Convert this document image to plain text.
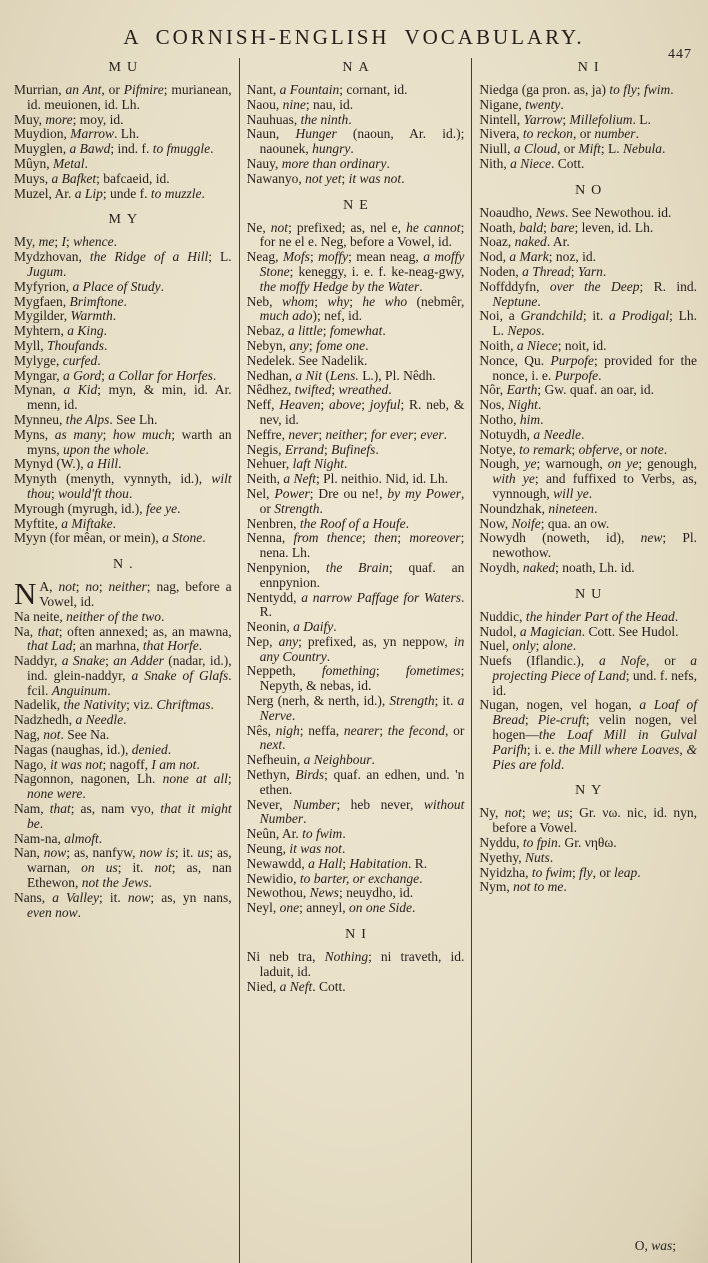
A CORNISH-ENGLISH VOCABULARY.
447
MU

Murrian, an Ant, or Pifmire; murianean, id. meuionen, id. Lh.

Muy, more; moy, id.

Muydion, Marrow. Lh.

Muyglen, a Bawd; ind. f. to fmuggle.

Mûyn, Metal.

Muys, a Bafket; bafcaeid, id.

Muzel, Ar. a Lip; unde f. to muzzle.

MY

My, me; I; whence.

Mydzhovan, the Ridge of a Hill; L. Jugum.

Myfyrion, a Place of Study.

Mygfaen, Brimftone.

Mygilder, Warmth.

Myhtern, a King.

Myll, Thoufands.

Mylyge, curfed.

Myngar, a Gord; a Collar for Horfes.

Mynan, a Kid; myn, & min, id. Ar. menn, id.

Mynneu, the Alps. See Lh.

Myns, as many; how much; warth an myns, upon the whole.

Mynyd (W.), a Hill.

Mynyth (menyth, vynnyth, id.), wilt thou; would'ft thou.

Myrough (myrugh, id.), fee ye.

Myftite, a Miftake.

Myyn (for mêan, or mein), a Stone.

N.

N A, not; no; neither; nag, before a Vowel, id.

Na neite, neither of the two.

Na, that; often annexed; as, an mawna, that Lad; an marhna, that Horfe.

Naddyr, a Snake; an Adder (nadar, id.), ind. glein-naddyr, a Snake of Glafs. fcil. Anguinum.

Nadelik, the Nativity; viz. Chriftmas.

Nadzhedh, a Needle.

Nag, not. See Na.

Nagas (naughas, id.), denied.

Nago, it was not; nagoff, I am not.

Nagonnon, nagonen, Lh. none at all; none were.

Nam, that; as, nam vyo, that it might be.

Nam-na, almoft.

Nan, now; as, nanfyw, now is; it. us; as, warnan, on us; it. not; as, nan Ethewon, not the Jews.

Nans, a Valley; it. now; as, yn nans, even now.

NA

Nant, a Fountain; cornant, id.

Naou, nine; nau, id.

Nauhuas, the ninth.

Naun, Hunger (naoun, Ar. id.); naounek, hungry.

Nauy, more than ordinary.

Nawanyo, not yet; it was not.

NE

Ne, not; prefixed; as, nel e, he cannot; for ne el e. Neg, before a Vowel, id.

Neag, Mofs; moffy; mean neag, a moffy Stone; keneggy, i. e. f. ke-neag-gwy, the moffy Hedge by the Water.

Neb, whom; why; he who (nebmêr, much ado); nef, id.

Nebaz, a little; fomewhat.

Nebyn, any; fome one.

Nedelek. See Nadelik.

Nedhan, a Nit (Lens. L.), Pl. Nêdh.

Nêdhez, twifted; wreathed.

Neff, Heaven; above; joyful; R. neb, & nev, id.

Neffre, never; neither; for ever; ever.

Negis, Errand; Bufinefs.

Nehuer, laft Night.

Neith, a Neft; Pl. neithio. Nid, id. Lh.

Nel, Power; Dre ou ne!, by my Power, or Strength.

Nenbren, the Roof of a Houfe.

Nenna, from thence; then; moreover; nena. Lh.

Nenpynion, the Brain; quaf. an ennpynion.

Nentydd, a narrow Paffage for Waters. R.

Neonin, a Daify.

Nep, any; prefixed, as, yn neppow, in any Country.

Neppeth, fomething; fometimes; Nepyth, & nebas, id.

Nerg (nerh, & nerth, id.), Strength; it. a Nerve.

Nês, nigh; neffa, nearer; the fecond, or next.

Nefheuin, a Neighbour.

Nethyn, Birds; quaf. an edhen, und. 'n ethen.

Never, Number; heb never, without Number.

Neûn, Ar. to fwim.

Neung, it was not.

Newawdd, a Hall; Habitation. R.

Newidio, to barter, or exchange.

Newothou, News; neuydho, id.

Neyl, one; anneyl, on one Side.

NI

Ni neb tra, Nothing; ni traveth, id. laduit, id.

Nied, a Neft. Cott.

NI

Niedga (ga pron. as, ja) to fly; fwim.

Nigane, twenty.

Nintell, Yarrow; Millefolium. L.

Nivera, to reckon, or number.

Niull, a Cloud, or Mift; L. Nebula.

Nith, a Niece. Cott.

NO

Noaudho, News. See Newothou. id.

Noath, bald; bare; leven, id. Lh.

Noaz, naked. Ar.

Nod, a Mark; noz, id.

Noden, a Thread; Yarn.

Noffddyfn, over the Deep; R. ind. Neptune.

Noi, a Grandchild; it. a Prodigal; Lh. L. Nepos.

Noith, a Niece; noit, id.

Nonce, Qu. Purpofe; provided for the nonce, i. e. Purpofe.

Nôr, Earth; Gw. quaf. an oar, id.

Nos, Night.

Notho, him.

Notuydh, a Needle.

Notye, to remark; obferve, or note.

Nough, ye; warnough, on ye; genough, with ye; and fuffixed to Verbs, as, vynnough, will ye.

Noundzhak, nineteen.

Now, Noife; qua. an ow.

Nowydh (noweth, id), new; Pl. newothow.

Noydh, naked; noath, Lh. id.

NU

Nuddic, the hinder Part of the Head.

Nudol, a Magician. Cott. See Hudol.

Nuel, only; alone.

Nuefs (Iflandic.), a Nofe, or a projecting Piece of Land; und. f. nefs, id.

Nugan, nogen, vel hogan, a Loaf of Bread; Pie-cruft; velin nogen, vel hogen—the Loaf Mill in Gulval Parifh; i. e. the Mill where Loaves, & Pies are fold.

NY

Ny, not; we; us; Gr. νω. nic, id. nyn, before a Vowel.

Nyddu, to fpin. Gr. νηθω.

Nyethy, Nuts.

Nyidzha, to fwim; fly, or leap.

Nym, not to me.

O, was;
